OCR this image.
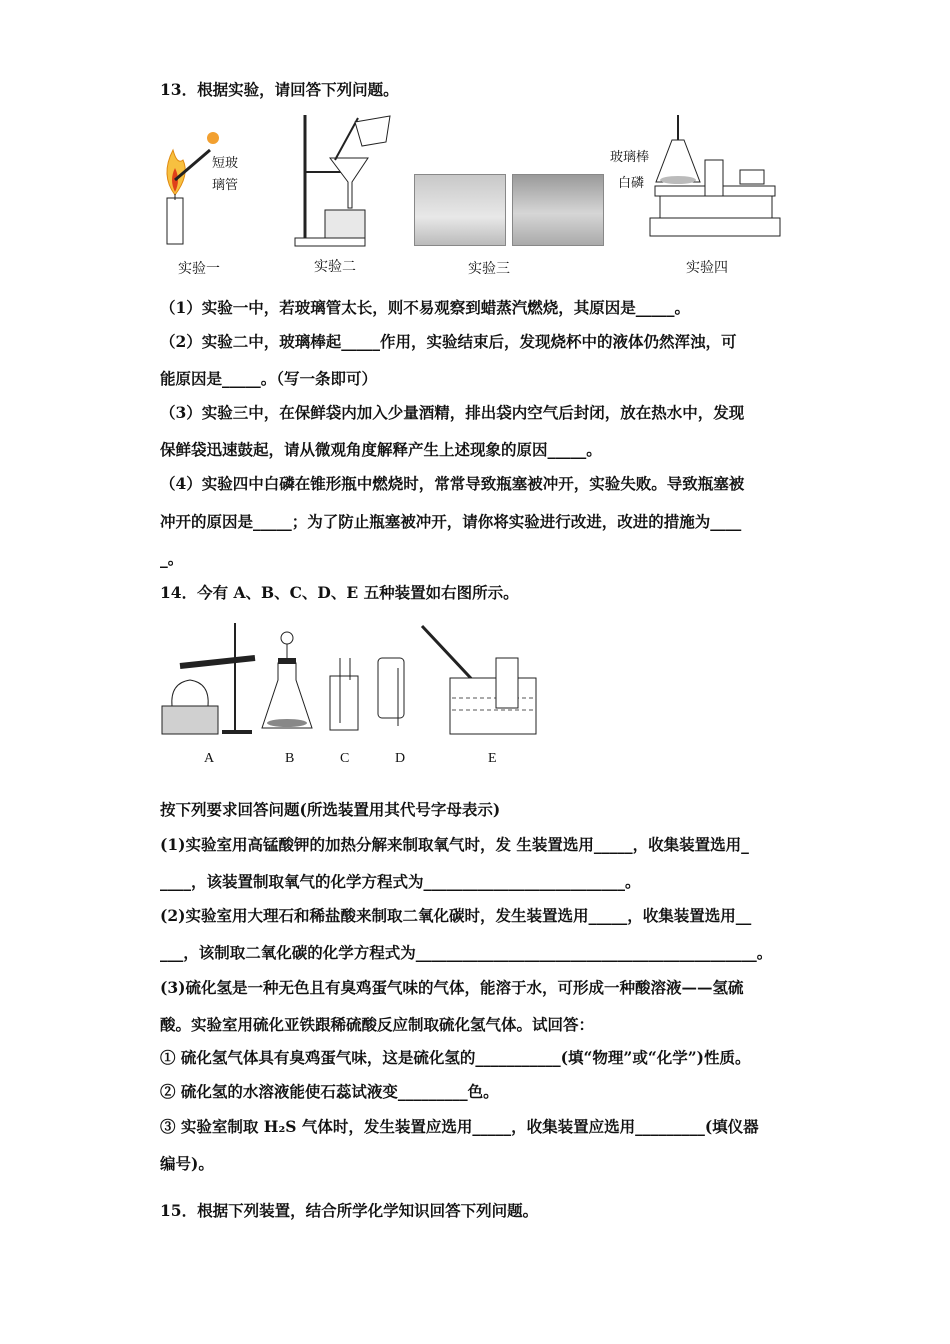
13．根据实验，请回答下列问题。
短玻
璃管
实验一	实验二	实验三
玻璃棒
白磷
实验四
（1）实验一中，若玻璃管太长，则不易观察到蜡蒸汽燃烧，其原因是_____。
（2）实验二中，玻璃棒起_____作用，实验结束后，发现烧杯中的液体仍然浑浊，可
能原因是_____。（写一条即可）
（3）实验三中，在保鲜袋内加入少量酒精，排出袋内空气后封闭，放在热水中，发现
保鲜袋迅速鼓起，请从微观角度解释产生上述现象的原因_____。
（4）实验四中白磷在锥形瓶中燃烧时，常常导致瓶塞被冲开，实验失败。导致瓶塞被
冲开的原因是_____；为了防止瓶塞被冲开，请你将实验进行改进，改进的措施为____
_。
14．今有 A、B、C、D、E 五种装置如右图所示。
A	B	C	D	E
按下列要求回答问题(所选装置用其代号字母表示)
(1)实验室用高锰酸钾的加热分解来制取氧气时，发 生装置选用_____，收集装置选用_
____，该装置制取氧气的化学方程式为__________________________。
(2)实验室用大理石和稀盐酸来制取二氧化碳时，发生装置选用_____，收集装置选用__
___，该制取二氧化碳的化学方程式为____________________________________________。
(3)硫化氢是一种无色且有臭鸡蛋气味的气体，能溶于水，可形成一种酸溶液——氢硫
酸。实验室用硫化亚铁跟稀硫酸反应制取硫化氢气体。试回答：
① 硫化氢气体具有臭鸡蛋气味，这是硫化氢的___________(填“物理”或“化学”)性质。
② 硫化氢的水溶液能使石蕊试液变_________色。
③ 实验室制取 H₂S 气体时，发生装置应选用_____，收集装置应选用_________(填仪器
编号)。
15．根据下列装置，结合所学化学知识回答下列问题。
